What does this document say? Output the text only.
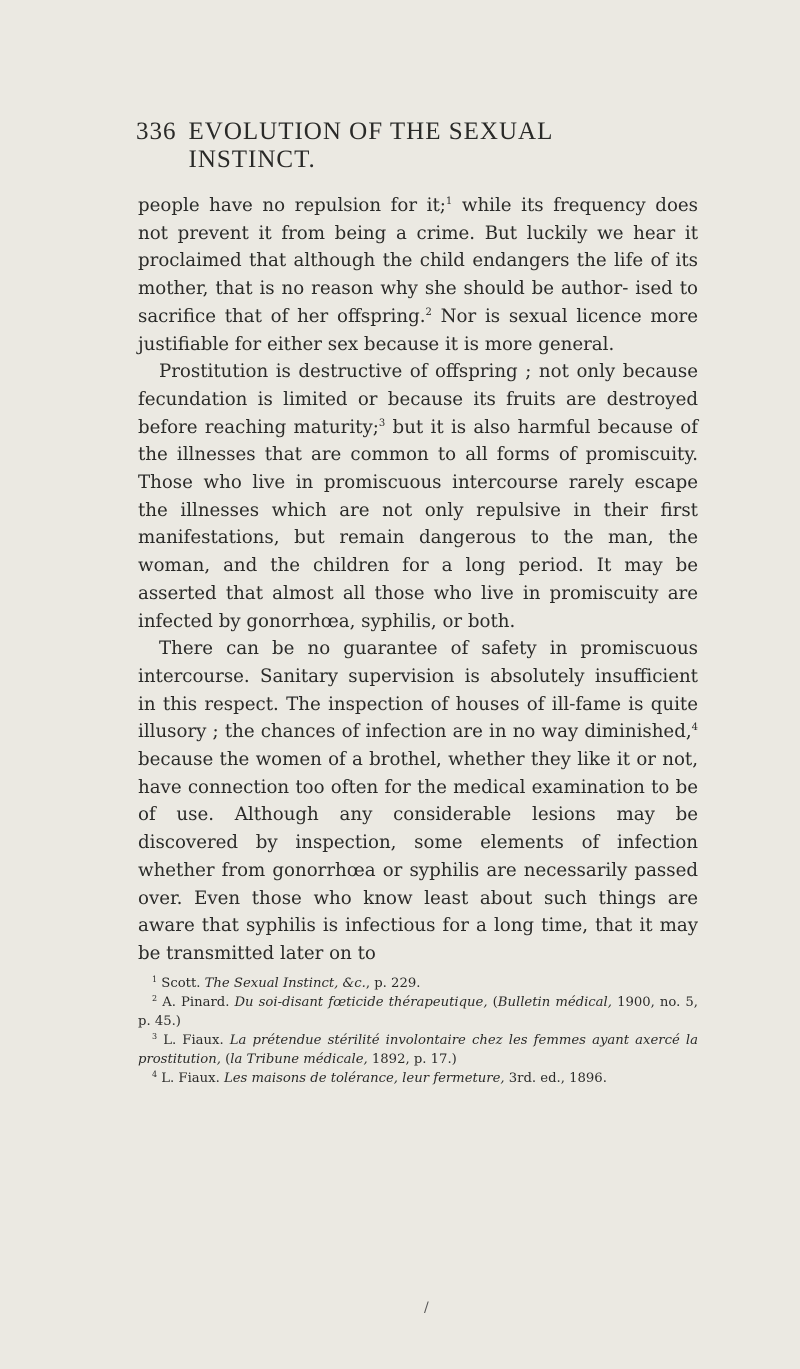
336 EVOLUTION OF THE SEXUAL INSTINCT.

people have no repulsion for it;$^1$ while its frequency does not prevent it from being a crime. But luckily we hear it proclaimed that although the child endangers the life of its mother, that is no reason why she should be author- ised to sacrifice that of her offspring.$^2$ Nor is sexual licence more justifiable for either sex because it is more general.

Prostitution is destructive of offspring ; not only because fecundation is limited or because its fruits are destroyed before reaching maturity;$^3$ but it is also harmful because of the illnesses that are common to all forms of promiscuity. Those who live in promiscuous intercourse rarely escape the illnesses which are not only repulsive in their first manifestations, but remain dangerous to the man, the woman, and the children for a long period. It may be asserted that almost all those who live in promiscuity are infected by gonorrhœa, syphilis, or both.

There can be no guarantee of safety in promiscuous intercourse. Sanitary supervision is absolutely insufficient in this respect. The inspection of houses of ill-fame is quite illusory ; the chances of infection are in no way diminished,$^4$ because the women of a brothel, whether they like it or not, have connection too often for the medical examination to be of use. Although any considerable lesions may be discovered by inspection, some elements of infection whether from gonorrhœa or syphilis are necessarily passed over. Even those who know least about such things are aware that syphilis is infectious for a long time, that it may be transmitted later on to

$^1$ Scott. The Sexual Instinct, &c., p. 229.

$^2$ A. Pinard. Du soi-disant fœticide thérapeutique, (Bulletin médical, 1900, no. 5, p. 45.)

$^3$ L. Fiaux. La prétendue stérilité involontaire chez les femmes ayant axercé la prostitution, (la Tribune médicale, 1892, p. 17.)

$^4$ L. Fiaux. Les maisons de tolérance, leur fermeture, 3rd. ed., 1896.

/
